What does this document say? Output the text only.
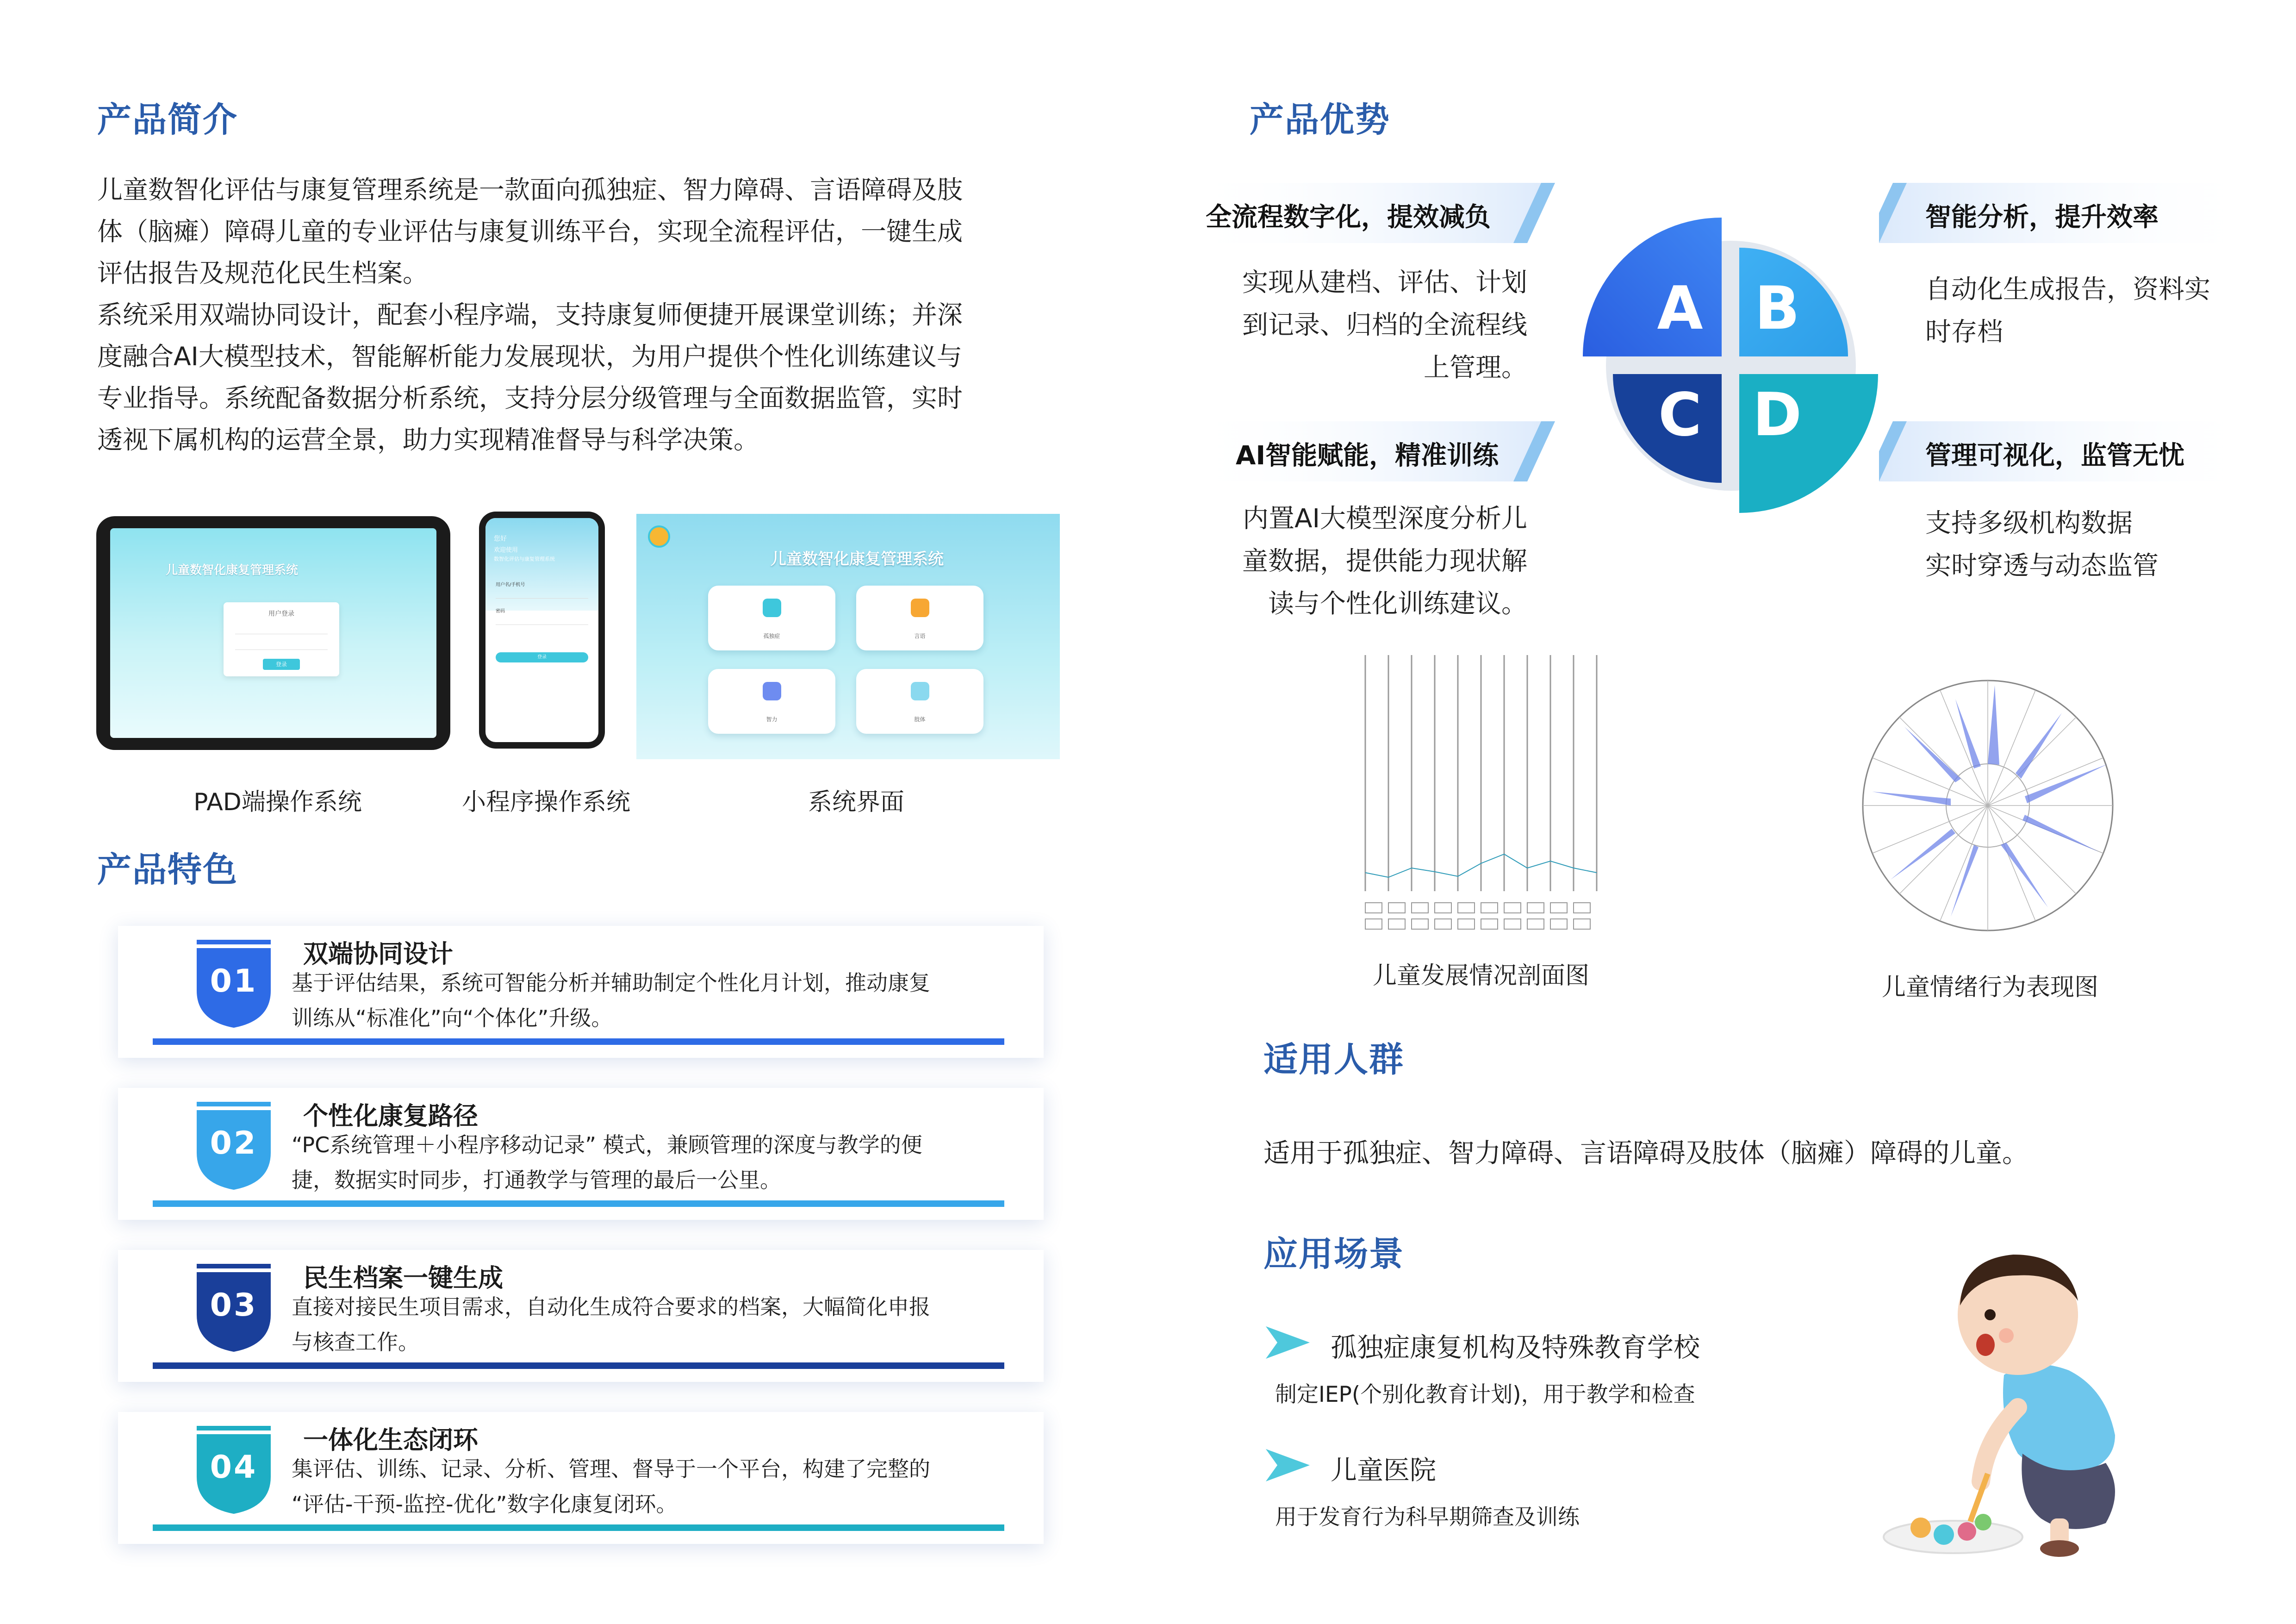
产品简介
儿童数智化评估与康复管理系统是一款面向孤独症、智力障碍、言语障碍及肢
体（脑瘫）障碍儿童的专业评估与康复训练平台，实现全流程评估，一键生成
评估报告及规范化民生档案。
系统采用双端协同设计，配套小程序端，支持康复师便捷开展课堂训练；并深
度融合AI大模型技术，智能解析能力发展现状，为用户提供个性化训练建议与
专业指导。系统配备数据分析系统，支持分层分级管理与全面数据监管，实时
透视下属机构的运营全景，助力实现精准督导与科学决策。
儿童数智化康复管理系统
用户登录
登录
您好
欢迎使用
数智化评估与康复管理系统
用户名/手机号
密码
登录
儿童数智化康复管理系统
孤独症	言语
智力	肢体
PAD端操作系统	小程序操作系统	系统界面
产品特色
01
双端协同设计
基于评估结果，系统可智能分析并辅助制定个性化月计划，推动康复
训练从“标准化”向“个体化”升级。
02
个性化康复路径
“PC系统管理＋小程序移动记录” 模式，兼顾管理的深度与教学的便
捷，数据实时同步，打通教学与管理的最后一公里。
03
民生档案一键生成
直接对接民生项目需求，自动化生成符合要求的档案，大幅简化申报
与核查工作。
04
一体化生态闭环
集评估、训练、记录、分析、管理、督导于一个平台，构建了完整的
“评估-干预-监控-优化”数字化康复闭环。
产品优势
全流程数字化，提效减负
实现从建档、评估、计划
到记录、归档的全流程线
上管理。
AI智能赋能，精准训练
内置AI大模型深度分析儿
童数据，提供能力现状解
读与个性化训练建议。
智能分析，提升效率
自动化生成报告，资料实
时存档
管理可视化，监管无忧
支持多级机构数据
实时穿透与动态监管
A B
C D
儿童发展情况剖面图	儿童情绪行为表现图
适用人群
适用于孤独症、智力障碍、言语障碍及肢体（脑瘫）障碍的儿童。
应用场景
孤独症康复机构及特殊教育学校
制定IEP(个别化教育计划)，用于教学和检查
儿童医院
用于发育行为科早期筛查及训练
